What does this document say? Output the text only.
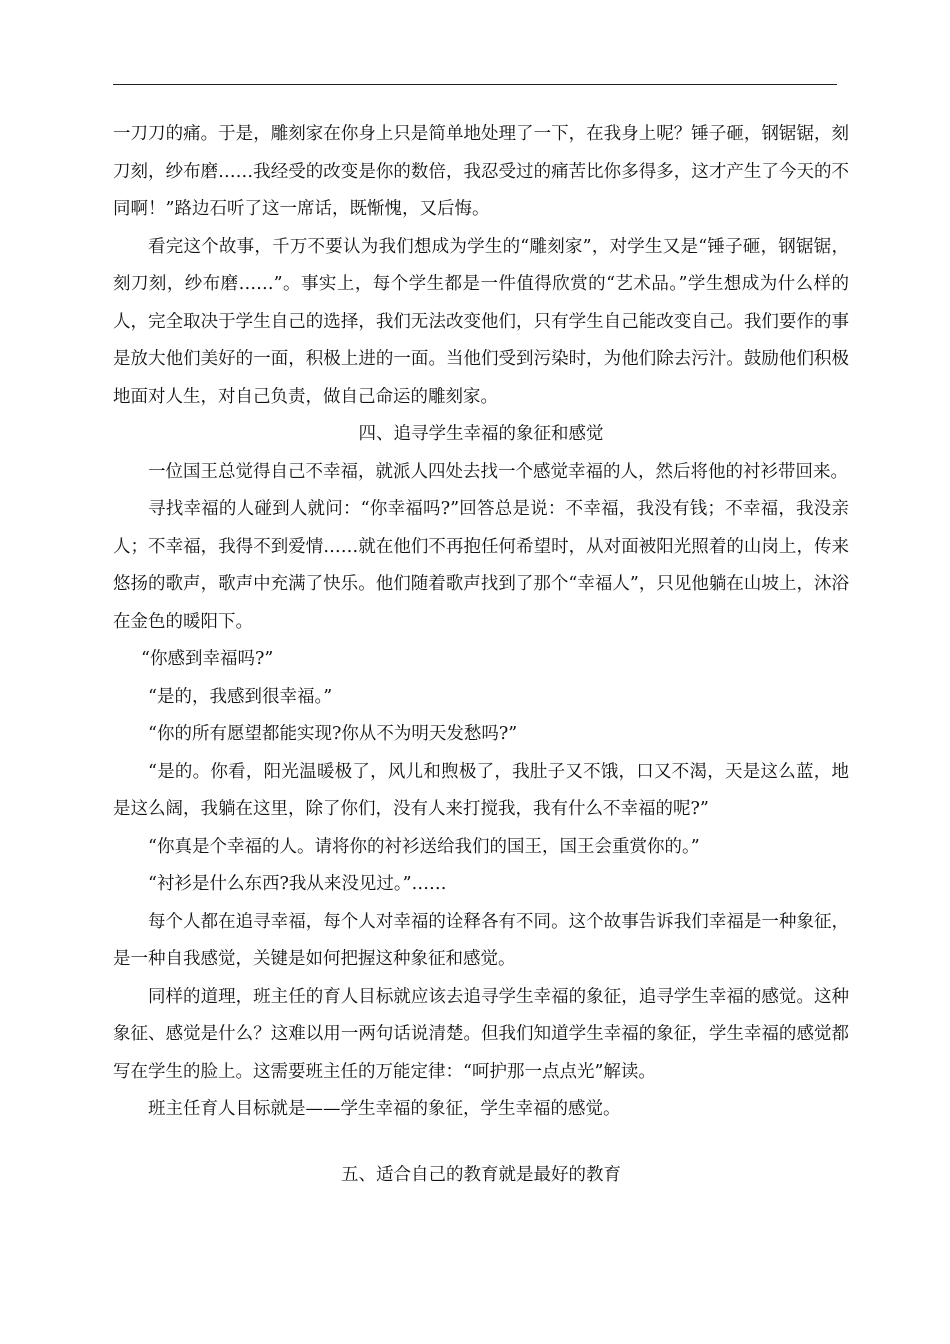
一刀刀的痛。于是，雕刻家在你身上只是简单地处理了一下，在我身上呢？锤子砸，钢锯锯，刻刀刻，纱布磨……我经受的改变是你的数倍，我忍受过的痛苦比你多得多，这才产生了今天的不同啊！”路边石听了这一席话，既惭愧，又后悔。

看完这个故事，千万不要认为我们想成为学生的“雕刻家”，对学生又是“锤子砸，钢锯锯，刻刀刻，纱布磨……”。事实上，每个学生都是一件值得欣赏的“艺术品。”学生想成为什么样的人，完全取决于学生自己的选择，我们无法改变他们，只有学生自己能改变自己。我们要作的事是放大他们美好的一面，积极上进的一面。当他们受到污染时，为他们除去污汁。鼓励他们积极地面对人生，对自己负责，做自己命运的雕刻家。

四、追寻学生幸福的象征和感觉

一位国王总觉得自己不幸福，就派人四处去找一个感觉幸福的人，然后将他的衬衫带回来。

寻找幸福的人碰到人就问：“你幸福吗?”回答总是说：不幸福，我没有钱；不幸福，我没亲人；不幸福，我得不到爱情……就在他们不再抱任何希望时，从对面被阳光照着的山岗上，传来悠扬的歌声，歌声中充满了快乐。他们随着歌声找到了那个“幸福人”，只见他躺在山坡上，沐浴在金色的暖阳下。

“你感到幸福吗?”

“是的，我感到很幸福。”

“你的所有愿望都能实现?你从不为明天发愁吗?”

“是的。你看，阳光温暖极了，风儿和煦极了，我肚子又不饿，口又不渴，天是这么蓝，地是这么阔，我躺在这里，除了你们，没有人来打搅我，我有什么不幸福的呢?”

“你真是个幸福的人。请将你的衬衫送给我们的国王，国王会重赏你的。”

“衬衫是什么东西?我从来没见过。”……

每个人都在追寻幸福，每个人对幸福的诠释各有不同。这个故事告诉我们幸福是一种象征，是一种自我感觉，关键是如何把握这种象征和感觉。

同样的道理，班主任的育人目标就应该去追寻学生幸福的象征，追寻学生幸福的感觉。这种象征、感觉是什么？这难以用一两句话说清楚。但我们知道学生幸福的象征，学生幸福的感觉都写在学生的脸上。这需要班主任的万能定律：“呵护那一点点光”解读。

班主任育人目标就是——学生幸福的象征，学生幸福的感觉。

五、适合自己的教育就是最好的教育
